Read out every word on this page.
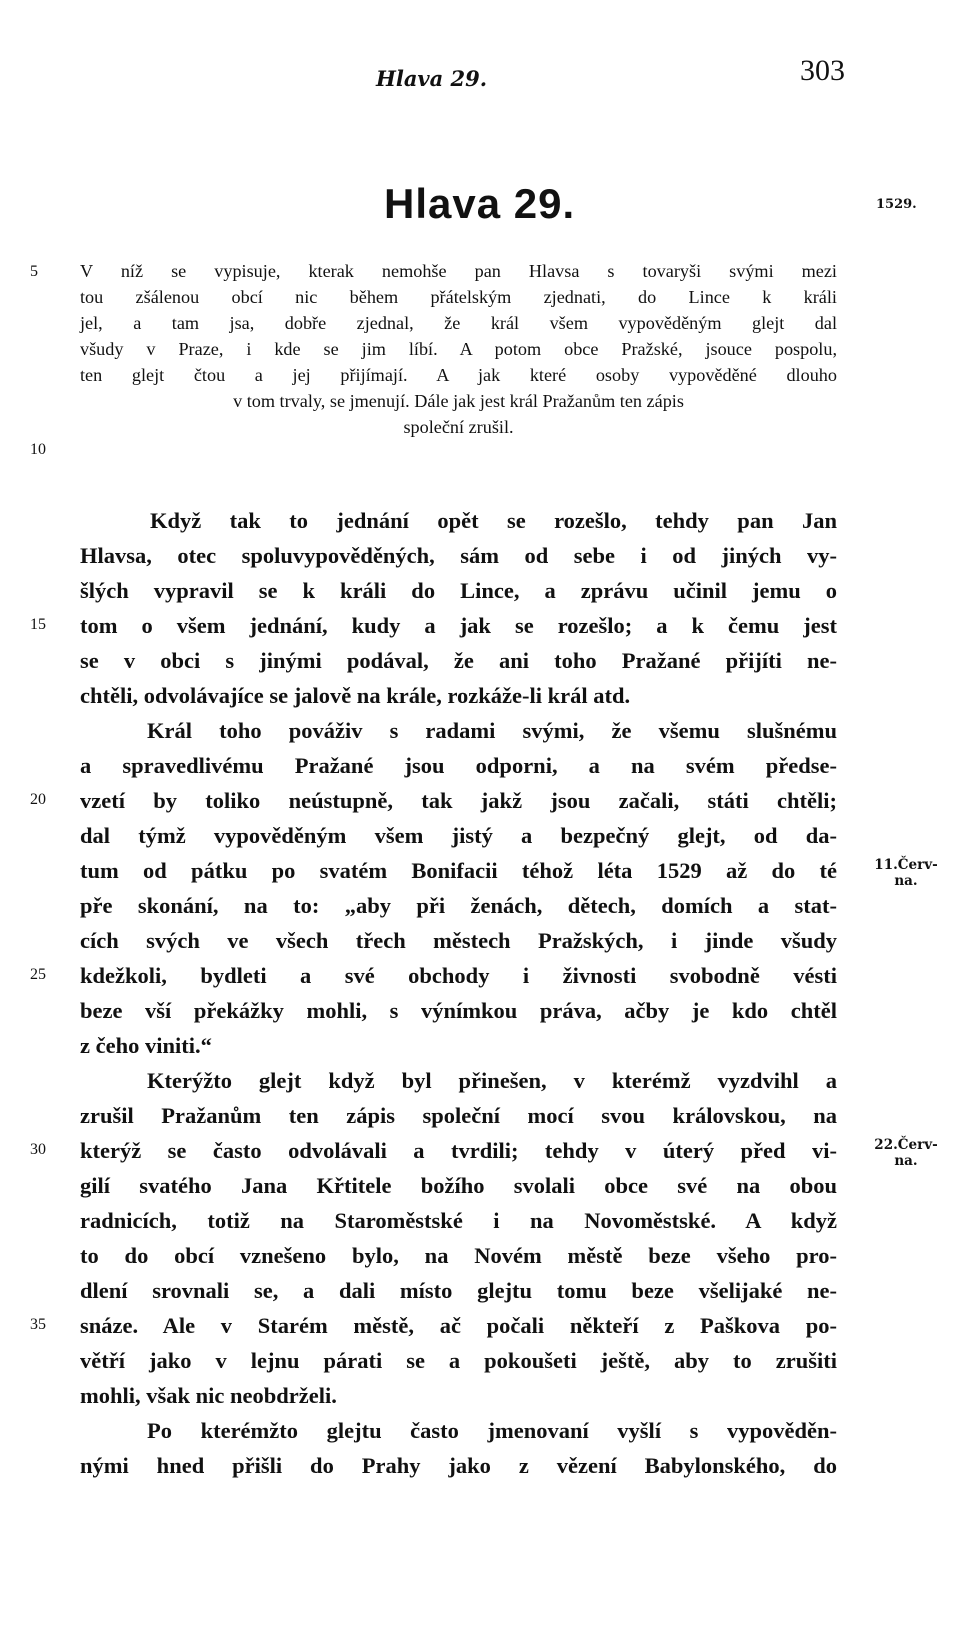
Hlava 29.	303
Hlava 29.	1529.
V níž se vypisuje, kterak nemohše pan Hlavsa s tovaryši svými mezi
tou zšálenou obcí nic během přátelským zjednati, do Lince k králi
jel, a tam jsa, dobře zjednal, že král všem vypověděným glejt dal
všudy v Praze, i kde se jim líbí. A potom obce Pražské, jsouce pospolu,
ten glejt čtou a jej přijímají. A jak které osoby vypověděné dlouho
v tom trvaly, se jmenují. Dále jak jest král Pražanům ten zápis
společní zrušil.
Když tak to jednání opět se rozešlo, tehdy pan Jan
Hlavsa, otec spoluvypověděných, sám od sebe i od jiných vy-
šlých vypravil se k králi do Lince, a zprávu učinil jemu o
tom o všem jednání, kudy a jak se rozešlo; a k čemu jest
se v obci s jinými podával, že ani toho Pražané přijíti ne-
chtěli, odvolávajíce se jalově na krále, rozkáže-li král atd.
Král toho pováživ s radami svými, že všemu slušnému
a spravedlivému Pražané jsou odporni, a na svém předse-
vzetí by toliko neústupně, tak jakž jsou začali, státi chtěli;
dal týmž vypověděným všem jistý a bezpečný glejt, od da-
tum od pátku po svatém Bonifacii téhož léta 1529 až do té
pře skonání, na to: „aby při ženách, dětech, domích a stat-
cích svých ve všech třech městech Pražských, i jinde všudy
kdežkoli, bydleti a své obchody i živnosti svobodně vésti
beze vší překážky mohli, s výnímkou práva, ačby je kdo chtěl
z čeho viniti.“
Kterýžto glejt když byl přinešen, v kterémž vyzdvihl a
zrušil Pražanům ten zápis společní mocí svou královskou, na
kterýž se často odvolávali a tvrdili; tehdy v úterý před vi-
gilí svatého Jana Křtitele božího svolali obce své na obou
radnicích, totiž na Staroměstské i na Novoměstské. A když
to do obcí vznešeno bylo, na Novém městě beze všeho pro-
dlení srovnali se, a dali místo glejtu tomu beze všelijaké ne-
snáze. Ale v Starém městě, ač počali někteří z Paškova po-
větří jako v lejnu párati se a pokoušeti ještě, aby to zrušiti
mohli, však nic neobdrželi.
Po kterémžto glejtu často jmenovaní vyšlí s vypověděn-
nými hned přišli do Prahy jako z vězení Babylonského, do
5
10
15
20
25
30
35
11.Červ-
na.
22.Červ-
na.
